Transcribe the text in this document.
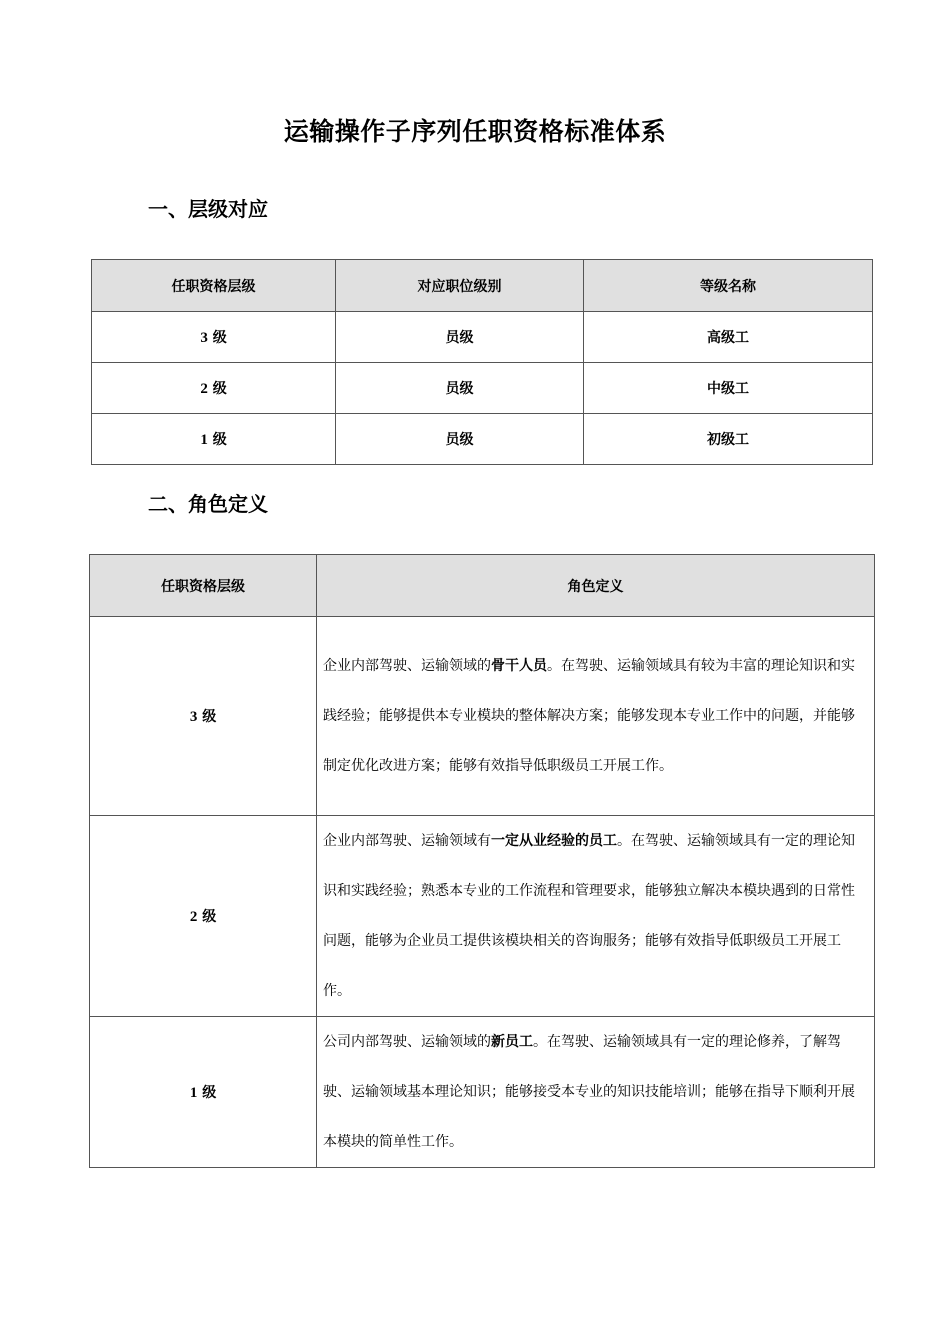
运输操作子序列任职资格标准体系
一、层级对应
任职资格层级	对应职位级别	等级名称
3 级	员级	高级工
2 级	员级	中级工
1 级	员级	初级工
二、角色定义
任职资格层级	角色定义
3 级	企业内部驾驶、运输领域的骨干人员。在驾驶、运输领域具有较为丰富的理论知识和实践经验；能够提供本专业模块的整体解决方案；能够发现本专业工作中的问题，并能够制定优化改进方案；能够有效指导低职级员工开展工作。
2 级	企业内部驾驶、运输领域有一定从业经验的员工。在驾驶、运输领域具有一定的理论知识和实践经验；熟悉本专业的工作流程和管理要求，能够独立解决本模块遇到的日常性问题，能够为企业员工提供该模块相关的咨询服务；能够有效指导低职级员工开展工作。
1 级	公司内部驾驶、运输领域的新员工。在驾驶、运输领域具有一定的理论修养，了解驾驶、运输领域基本理论知识；能够接受本专业的知识技能培训；能够在指导下顺利开展本模块的简单性工作。
